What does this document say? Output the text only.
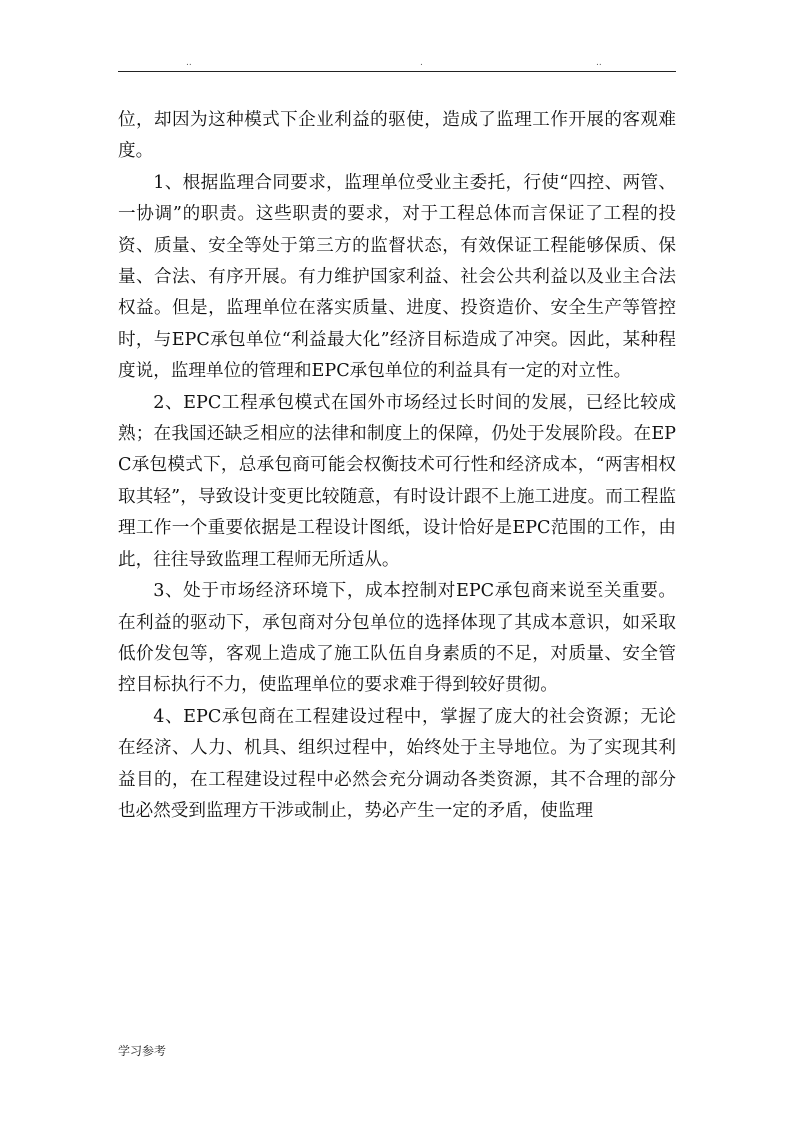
..	.	..

位，却因为这种模式下企业利益的驱使，造成了监理工作开展的客观难度。

1、根据监理合同要求，监理单位受业主委托，行使“四控、两管、一协调”的职责。这些职责的要求，对于工程总体而言保证了工程的投资、质量、安全等处于第三方的监督状态，有效保证工程能够保质、保量、合法、有序开展。有力维护国家利益、社会公共利益以及业主合法权益。但是，监理单位在落实质量、进度、投资造价、安全生产等管控时，与EPC承包单位“利益最大化”经济目标造成了冲突。因此，某种程度说，监理单位的管理和EPC承包单位的利益具有一定的对立性。

2、EPC工程承包模式在国外市场经过长时间的发展，已经比较成熟；在我国还缺乏相应的法律和制度上的保障，仍处于发展阶段。在EPC承包模式下，总承包商可能会权衡技术可行性和经济成本，“两害相权取其轻”，导致设计变更比较随意，有时设计跟不上施工进度。而工程监理工作一个重要依据是工程设计图纸，设计恰好是EPC范围的工作，由此，往往导致监理工程师无所适从。

3、处于市场经济环境下，成本控制对EPC承包商来说至关重要。在利益的驱动下，承包商对分包单位的选择体现了其成本意识，如采取低价发包等，客观上造成了施工队伍自身素质的不足，对质量、安全管控目标执行不力，使监理单位的要求难于得到较好贯彻。

4、EPC承包商在工程建设过程中，掌握了庞大的社会资源；无论在经济、人力、机具、组织过程中，始终处于主导地位。为了实现其利益目的，在工程建设过程中必然会充分调动各类资源，其不合理的部分也必然受到监理方干涉或制止，势必产生一定的矛盾，使监理

学习参考
